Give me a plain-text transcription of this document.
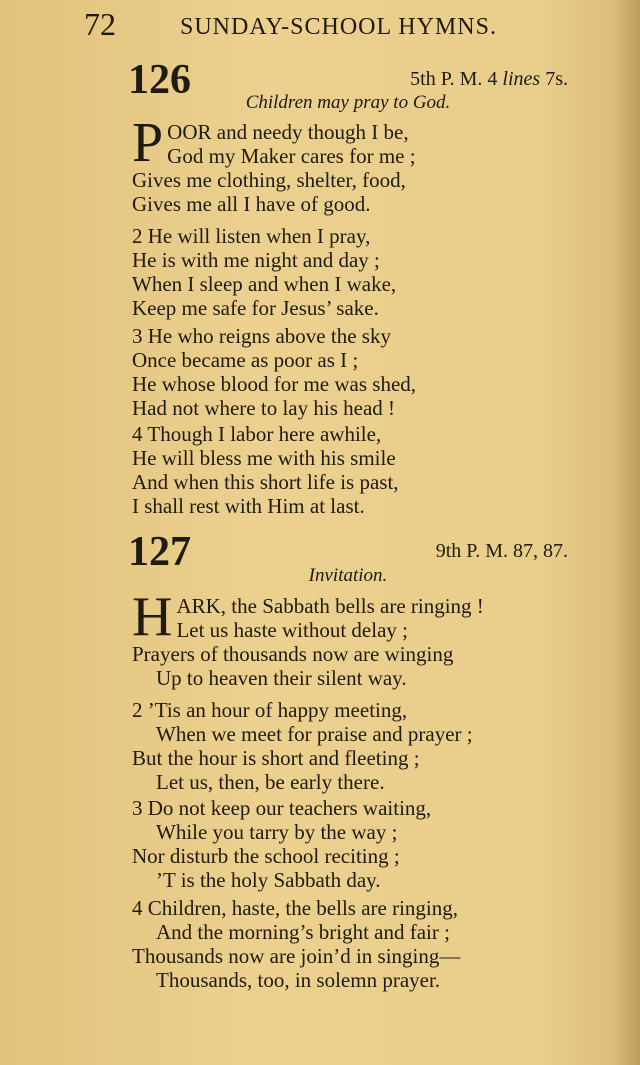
72	SUNDAY-SCHOOL HYMNS.
126	5th P. M. 4 lines 7s.
Children may pray to God.
P OOR and needy though I be,
God my Maker cares for me ;
Gives me clothing, shelter, food,
Gives me all I have of good.
2 He will listen when I pray,
He is with me night and day ;
When I sleep and when I wake,
Keep me safe for Jesus’ sake.
3 He who reigns above the sky
Once became as poor as I ;
He whose blood for me was shed,
Had not where to lay his head !
4 Though I labor here awhile,
He will bless me with his smile
And when this short life is past,
I shall rest with Him at last.
127	9th P. M. 87, 87.
Invitation.
H ARK, the Sabbath bells are ringing !
Let us haste without delay ;
Prayers of thousands now are winging
Up to heaven their silent way.
2 ’Tis an hour of happy meeting,
When we meet for praise and prayer ;
But the hour is short and fleeting ;
Let us, then, be early there.
3 Do not keep our teachers waiting,
While you tarry by the way ;
Nor disturb the school reciting ;
’T is the holy Sabbath day.
4 Children, haste, the bells are ringing,
And the morning’s bright and fair ;
Thousands now are join’d in singing—
Thousands, too, in solemn prayer.
